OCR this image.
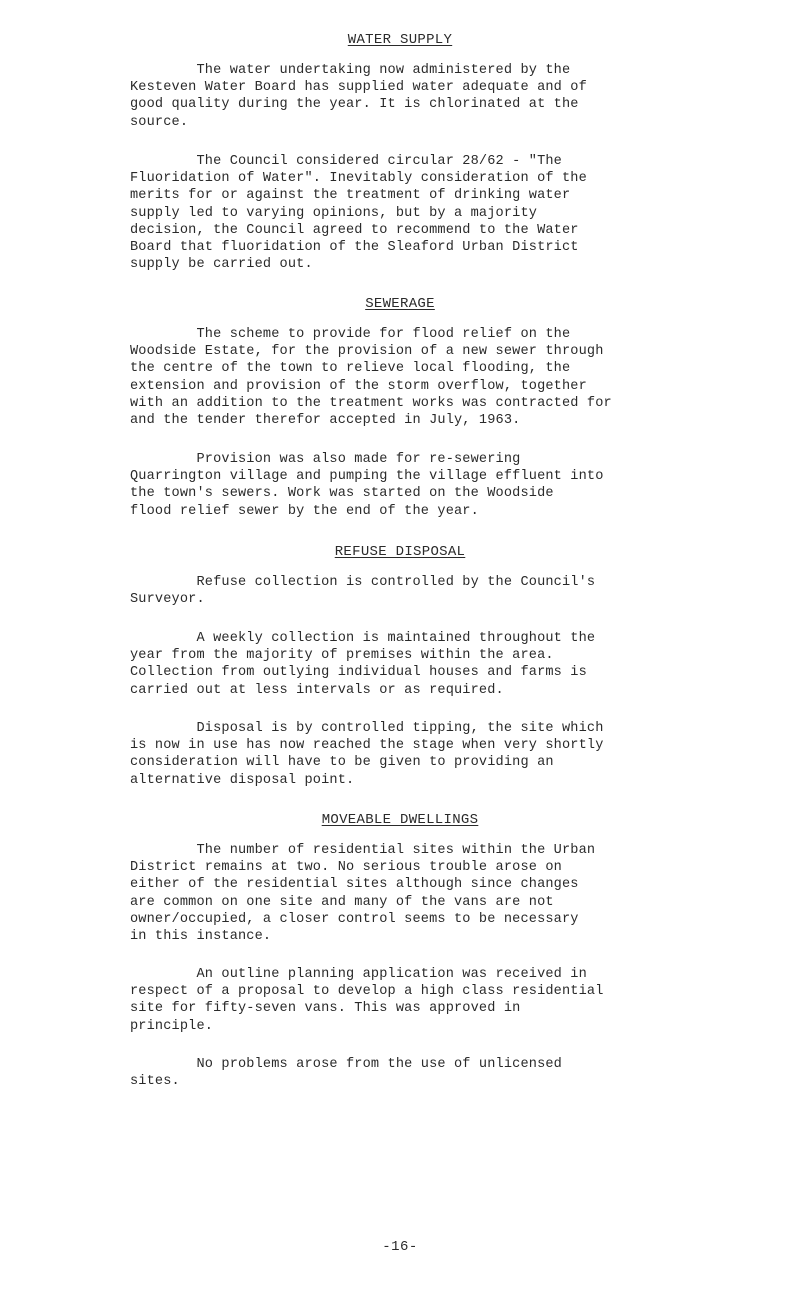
WATER SUPPLY

The water undertaking now administered by the
Kesteven Water Board has supplied water adequate and of
good quality during the year. It is chlorinated at the
source.

The Council considered circular 28/62 - "The
Fluoridation of Water". Inevitably consideration of the
merits for or against the treatment of drinking water
supply led to varying opinions, but by a majority
decision, the Council agreed to recommend to the Water
Board that fluoridation of the Sleaford Urban District
supply be carried out.

SEWERAGE

The scheme to provide for flood relief on the
Woodside Estate, for the provision of a new sewer through
the centre of the town to relieve local flooding, the
extension and provision of the storm overflow, together
with an addition to the treatment works was contracted for
and the tender therefor accepted in July, 1963.

Provision was also made for re-sewering
Quarrington village and pumping the village effluent into
the town's sewers. Work was started on the Woodside
flood relief sewer by the end of the year.

REFUSE DISPOSAL

Refuse collection is controlled by the Council's
Surveyor.

A weekly collection is maintained throughout the
year from the majority of premises within the area.
Collection from outlying individual houses and farms is
carried out at less intervals or as required.

Disposal is by controlled tipping, the site which
is now in use has now reached the stage when very shortly
consideration will have to be given to providing an
alternative disposal point.

MOVEABLE DWELLINGS

The number of residential sites within the Urban
District remains at two. No serious trouble arose on
either of the residential sites although since changes
are common on one site and many of the vans are not
owner/occupied, a closer control seems to be necessary
in this instance.

An outline planning application was received in
respect of a proposal to develop a high class residential
site for fifty-seven vans. This was approved in
principle.

No problems arose from the use of unlicensed
sites.

-16-
